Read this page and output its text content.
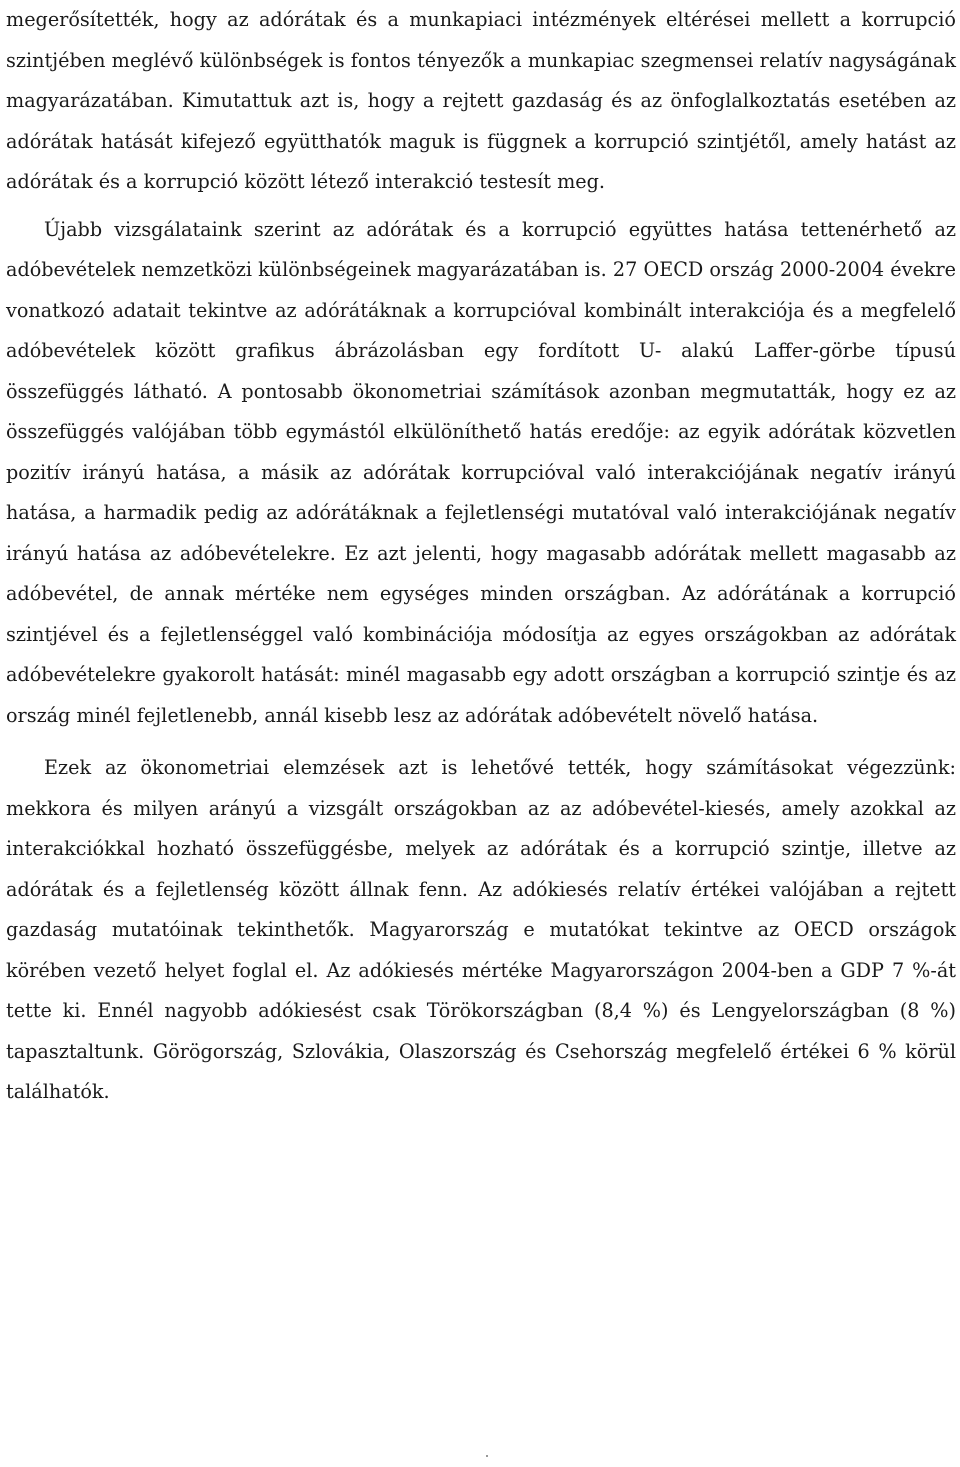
megerősítették, hogy az adórátak és a munkapiaci intézmények eltérései mellett a korrupció szintjében meglévő különbségek is fontos tényezők a munkapiac szegmensei relatív nagyságának magyarázatában. Kimutattuk azt is, hogy a rejtett gazdaság és az önfoglalkoztatás esetében az adórátak hatását kifejező együtthatók maguk is függnek a korrupció szintjétől, amely hatást az adórátak és a korrupció között létező interakció testesít meg.

Újabb vizsgálataink szerint az adórátak és a korrupció együttes hatása tettenérhető az adóbevételek nemzetközi különbségeinek magyarázatában is. 27 OECD ország 2000-2004 évekre vonatkozó adatait tekintve az adórátáknak a korrupcióval kombinált interakciója és a megfelelő adóbevételek között grafikus ábrázolásban egy fordított U- alakú Laffer-görbe típusú összefüggés látható. A pontosabb ökonometriai számítások azonban megmutatták, hogy ez az összefüggés valójában több egymástól elkülöníthető hatás eredője: az egyik adórátak közvetlen pozitív irányú hatása, a másik az adórátak korrupcióval való interakciójának negatív irányú hatása, a harmadik pedig az adórátáknak a fejletlenségi mutatóval való interakciójának negatív irányú hatása az adóbevételekre. Ez azt jelenti, hogy magasabb adórátak mellett magasabb az adóbevétel, de annak mértéke nem egységes minden országban. Az adórátának a korrupció szintjével és a fejletlenséggel való kombinációja módosítja az egyes országokban az adórátak adóbevételekre gyakorolt hatását: minél magasabb egy adott országban a korrupció szintje és az ország minél fejletlenebb, annál kisebb lesz az adórátak adóbevételt növelő hatása.

Ezek az ökonometriai elemzések azt is lehetővé tették, hogy számításokat végezzünk: mekkora és milyen arányú a vizsgált országokban az az adóbevétel-kiesés, amely azokkal az interakciókkal hozható összefüggésbe, melyek az adórátak és a korrupció szintje, illetve az adórátak és a fejletlenség között állnak fenn. Az adókiesés relatív értékei valójában a rejtett gazdaság mutatóinak tekinthetők. Magyarország e mutatókat tekintve az OECD országok körében vezető helyet foglal el. Az adókiesés mértéke Magyarországon 2004-ben a GDP 7 %-át tette ki. Ennél nagyobb adókiesést csak Törökországban (8,4 %) és Lengyelországban (8 %) tapasztaltunk. Görögország, Szlovákia, Olaszország és Csehország megfelelő értékei 6 % körül találhatók.
